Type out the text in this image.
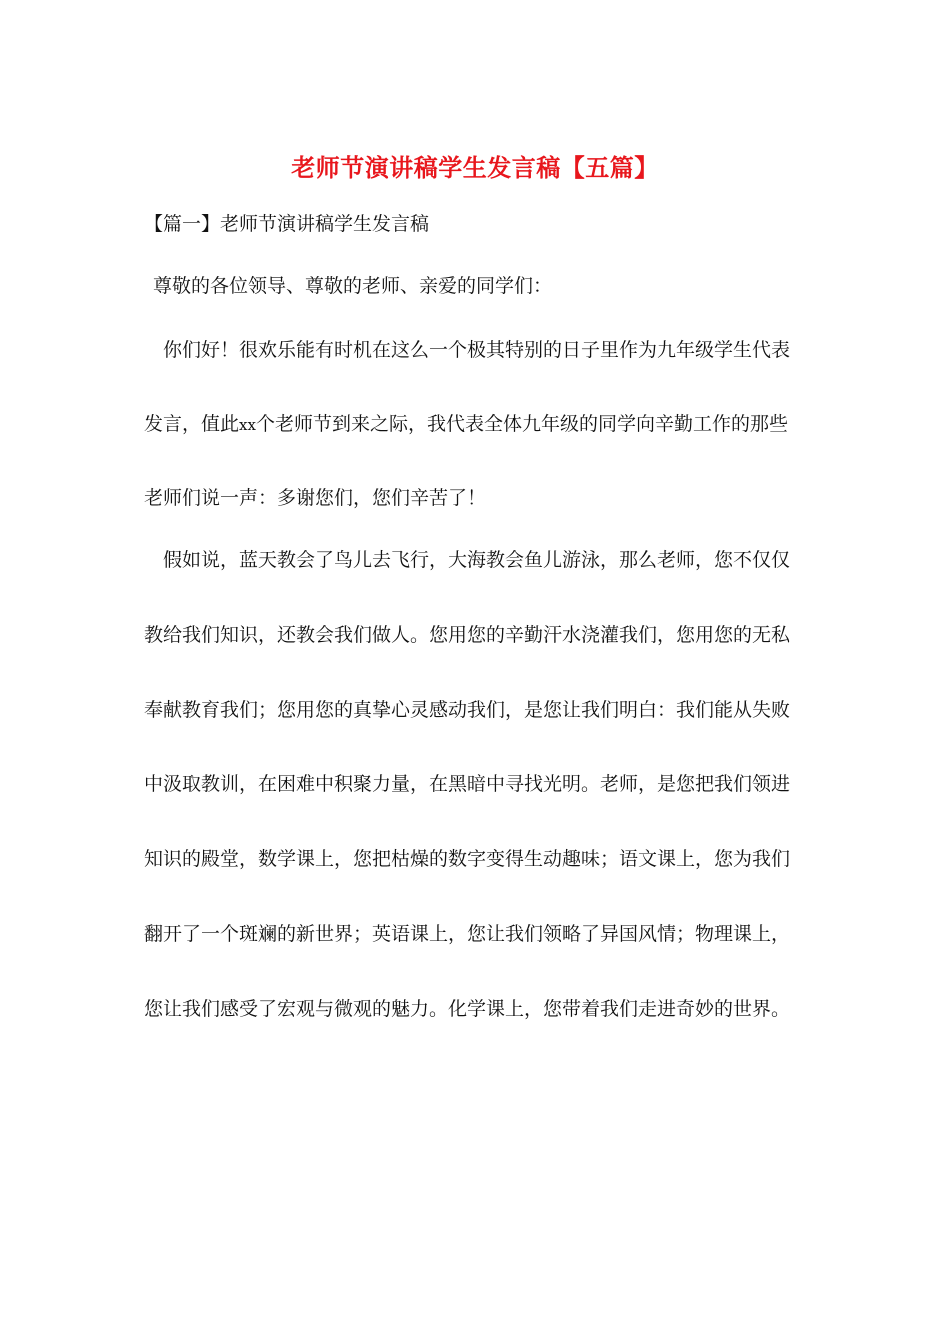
老师节演讲稿学生发言稿【五篇】
【篇一】老师节演讲稿学生发言稿
尊敬的各位领导、尊敬的老师、亲爱的同学们：
你们好！很欢乐能有时机在这么一个极其特别的日子里作为九年级学生代表
发言，值此xx个老师节到来之际，我代表全体九年级的同学向辛勤工作的那些
老师们说一声：多谢您们，您们辛苦了！
假如说，蓝天教会了鸟儿去飞行，大海教会鱼儿游泳，那么老师，您不仅仅
教给我们知识，还教会我们做人。您用您的辛勤汗水浇灌我们，您用您的无私
奉献教育我们；您用您的真挚心灵感动我们，是您让我们明白：我们能从失败
中汲取教训，在困难中积聚力量，在黑暗中寻找光明。老师，是您把我们领进
知识的殿堂，数学课上，您把枯燥的数字变得生动趣味；语文课上，您为我们
翻开了一个斑斓的新世界；英语课上，您让我们领略了异国风情；物理课上，
您让我们感受了宏观与微观的魅力。化学课上，您带着我们走进奇妙的世界。
